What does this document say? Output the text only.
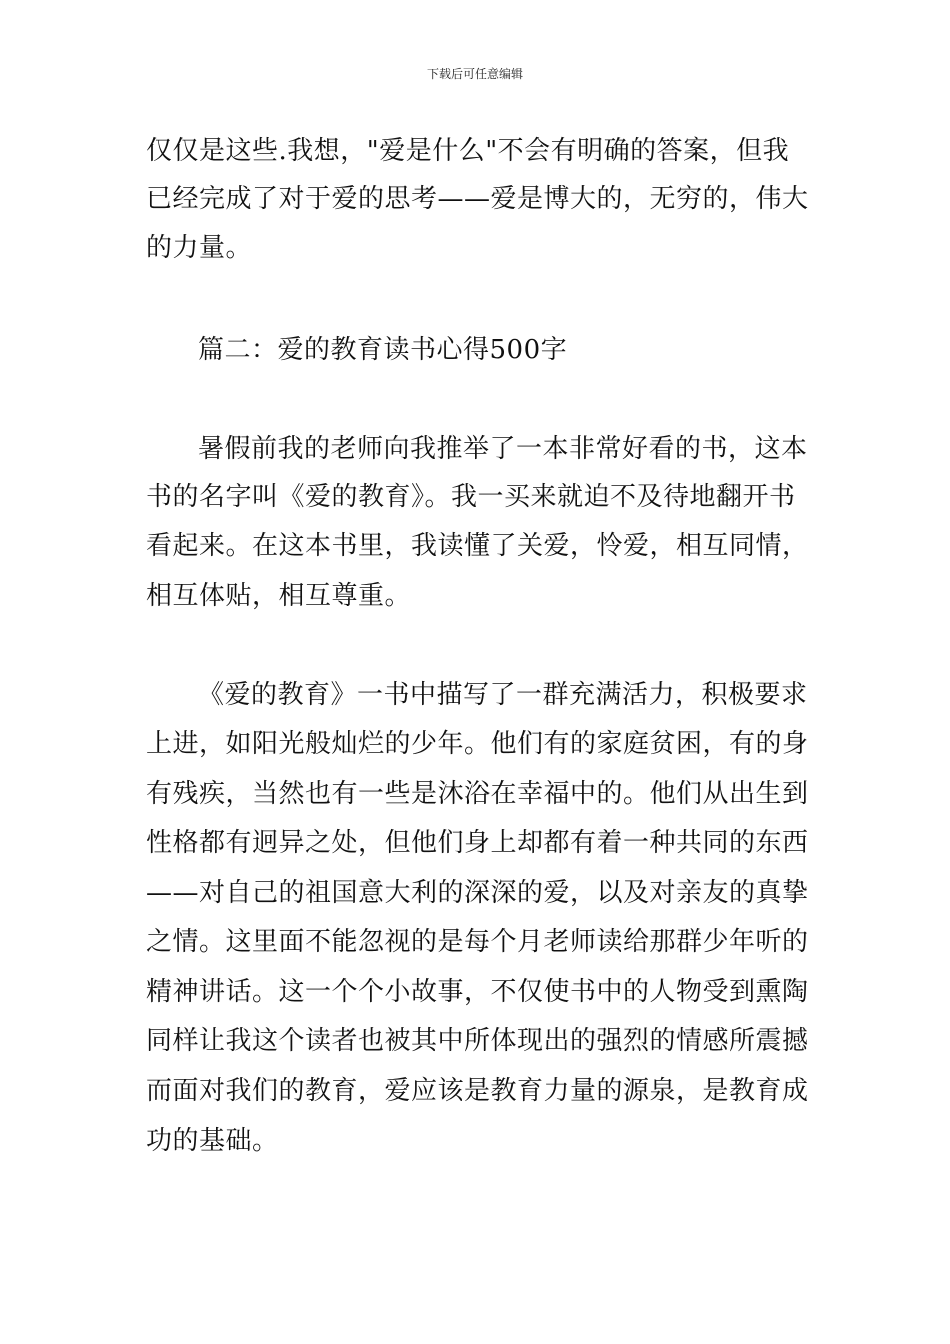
下载后可任意编辑
仅仅是这些.我想，"爱是什么"不会有明确的答案，但我
已经完成了对于爱的思考——爱是博大的，无穷的，伟大
的力量。
篇二：爱的教育读书心得500字
暑假前我的老师向我推举了一本非常好看的书，这本
书的名字叫《爱的教育》。我一买来就迫不及待地翻开书
看起来。在这本书里，我读懂了关爱，怜爱，相互同情，
相互体贴，相互尊重。
《爱的教育》一书中描写了一群充满活力，积极要求
上进，如阳光般灿烂的少年。他们有的家庭贫困，有的身
有残疾，当然也有一些是沐浴在幸福中的。他们从出生到
性格都有迥异之处，但他们身上却都有着一种共同的东西
——对自己的祖国意大利的深深的爱，以及对亲友的真挚
之情。这里面不能忽视的是每个月老师读给那群少年听的
精神讲话。这一个个小故事，不仅使书中的人物受到熏陶
同样让我这个读者也被其中所体现出的强烈的情感所震撼
而面对我们的教育，爱应该是教育力量的源泉，是教育成
功的基础。
